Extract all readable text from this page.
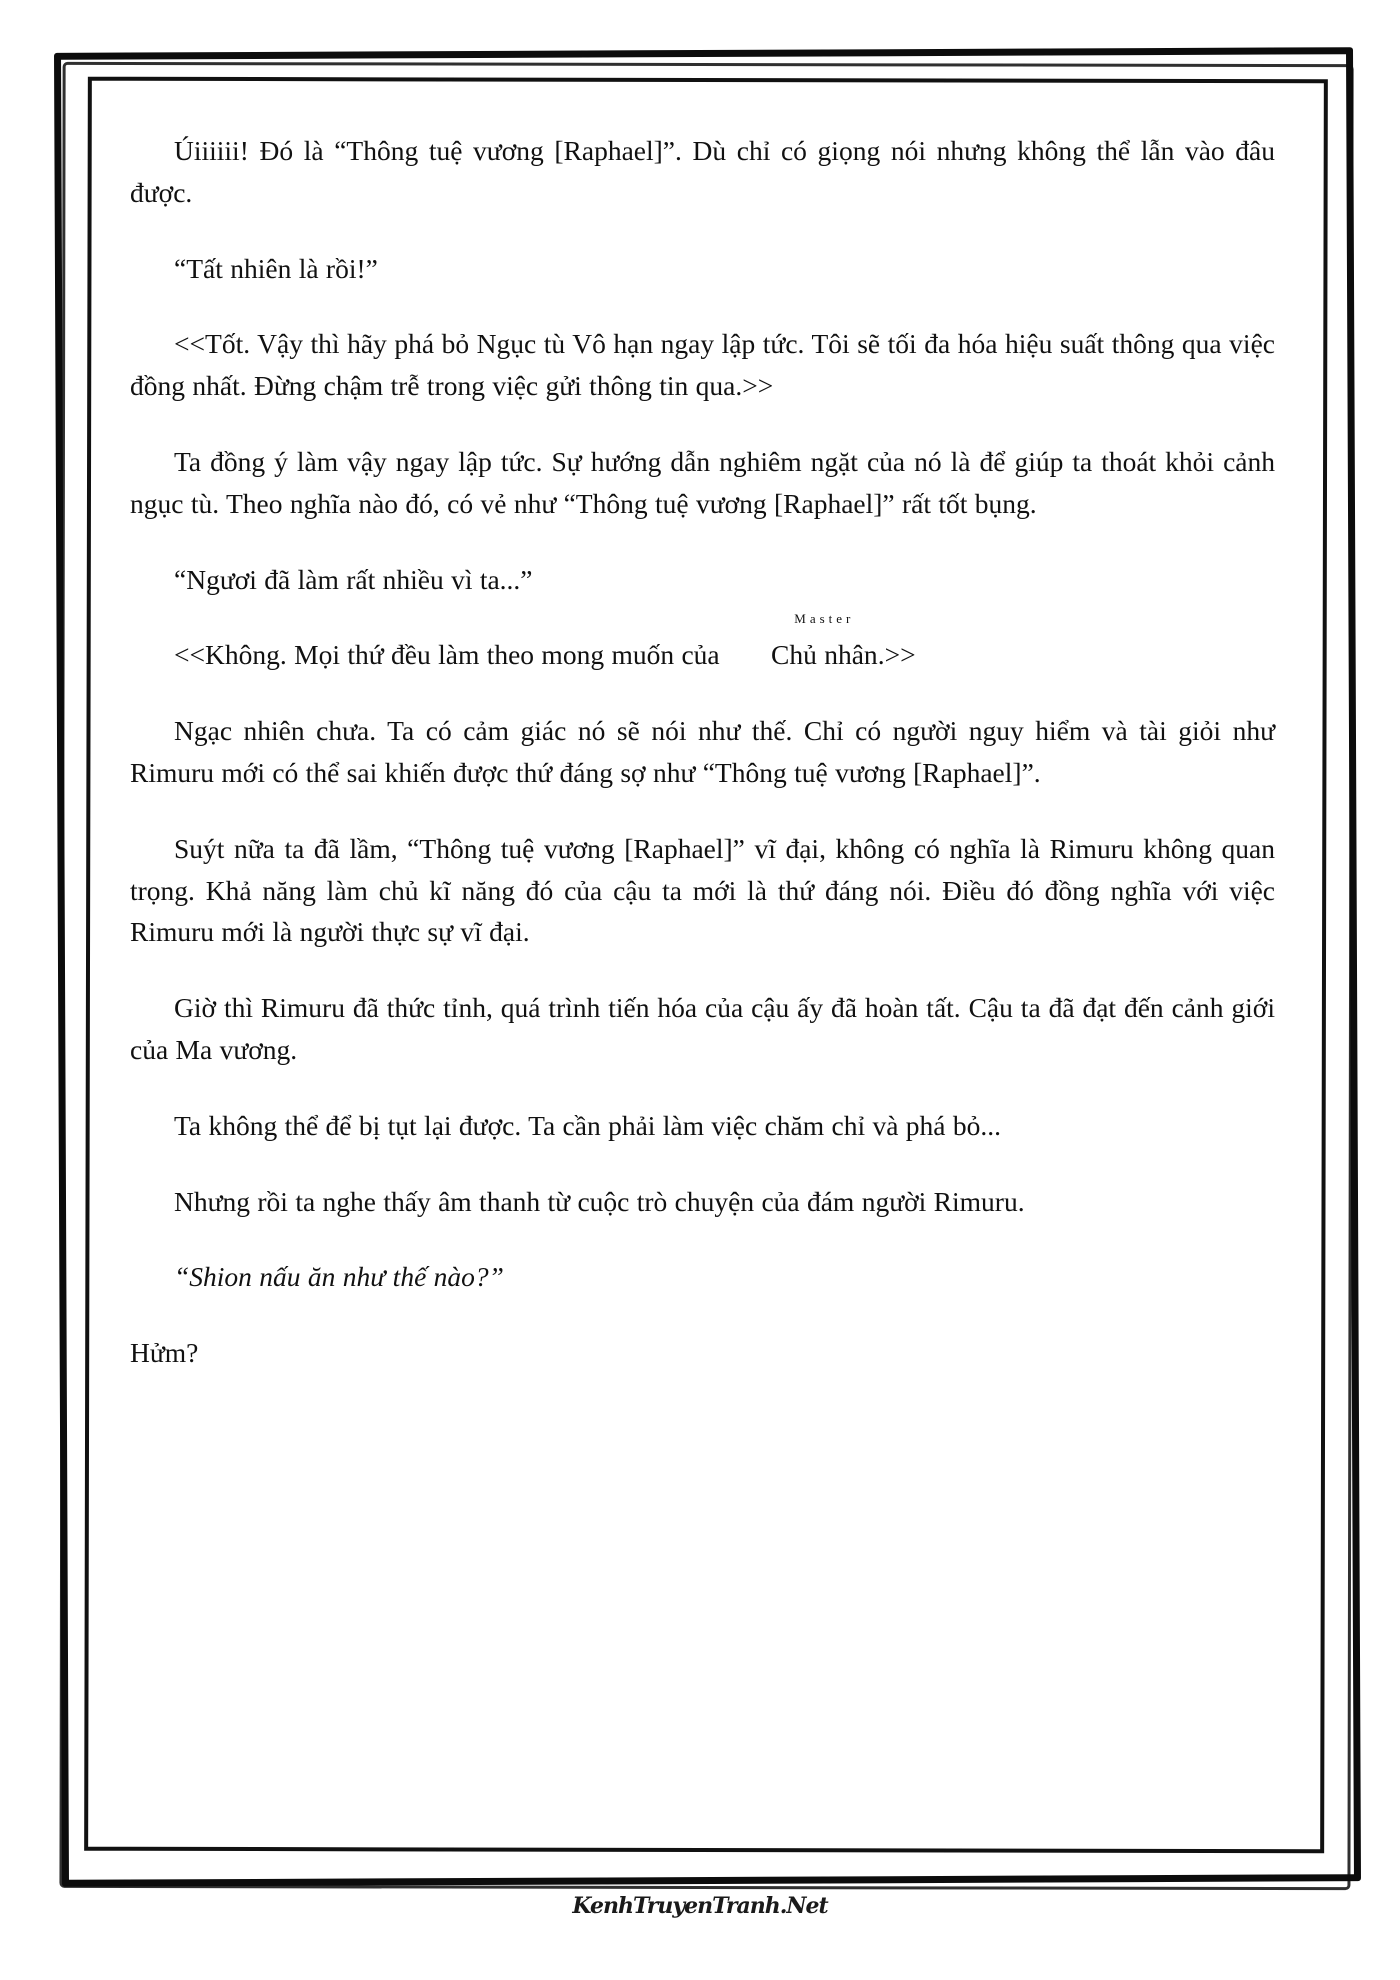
Úiiiiii! Đó là “Thông tuệ vương [Raphael]”. Dù chỉ có giọng nói nhưng không thể lẫn vào đâu được.

“Tất nhiên là rồi!”

<<Tốt. Vậy thì hãy phá bỏ Ngục tù Vô hạn ngay lập tức. Tôi sẽ tối đa hóa hiệu suất thông qua việc đồng nhất. Đừng chậm trễ trong việc gửi thông tin qua.>>

Ta đồng ý làm vậy ngay lập tức. Sự hướng dẫn nghiêm ngặt của nó là để giúp ta thoát khỏi cảnh ngục tù. Theo nghĩa nào đó, có vẻ như “Thông tuệ vương [Raphael]” rất tốt bụng.

“Ngươi đã làm rất nhiều vì ta...”

<<Không. Mọi thứ đều làm theo mong muốn của
Master
Chủ nhân.>>

Ngạc nhiên chưa. Ta có cảm giác nó sẽ nói như thế. Chỉ có người nguy hiểm và tài giỏi như Rimuru mới có thể sai khiến được thứ đáng sợ như “Thông tuệ vương [Raphael]”.

Suýt nữa ta đã lầm, “Thông tuệ vương [Raphael]” vĩ đại, không có nghĩa là Rimuru không quan trọng. Khả năng làm chủ kĩ năng đó của cậu ta mới là thứ đáng nói. Điều đó đồng nghĩa với việc Rimuru mới là người thực sự vĩ đại.

Giờ thì Rimuru đã thức tỉnh, quá trình tiến hóa của cậu ấy đã hoàn tất. Cậu ta đã đạt đến cảnh giới của Ma vương.

Ta không thể để bị tụt lại được. Ta cần phải làm việc chăm chỉ và phá bỏ...

Nhưng rồi ta nghe thấy âm thanh từ cuộc trò chuyện của đám người Rimuru.

“Shion nấu ăn như thế nào?”

Hửm?

KenhTruyenTranh.Net
